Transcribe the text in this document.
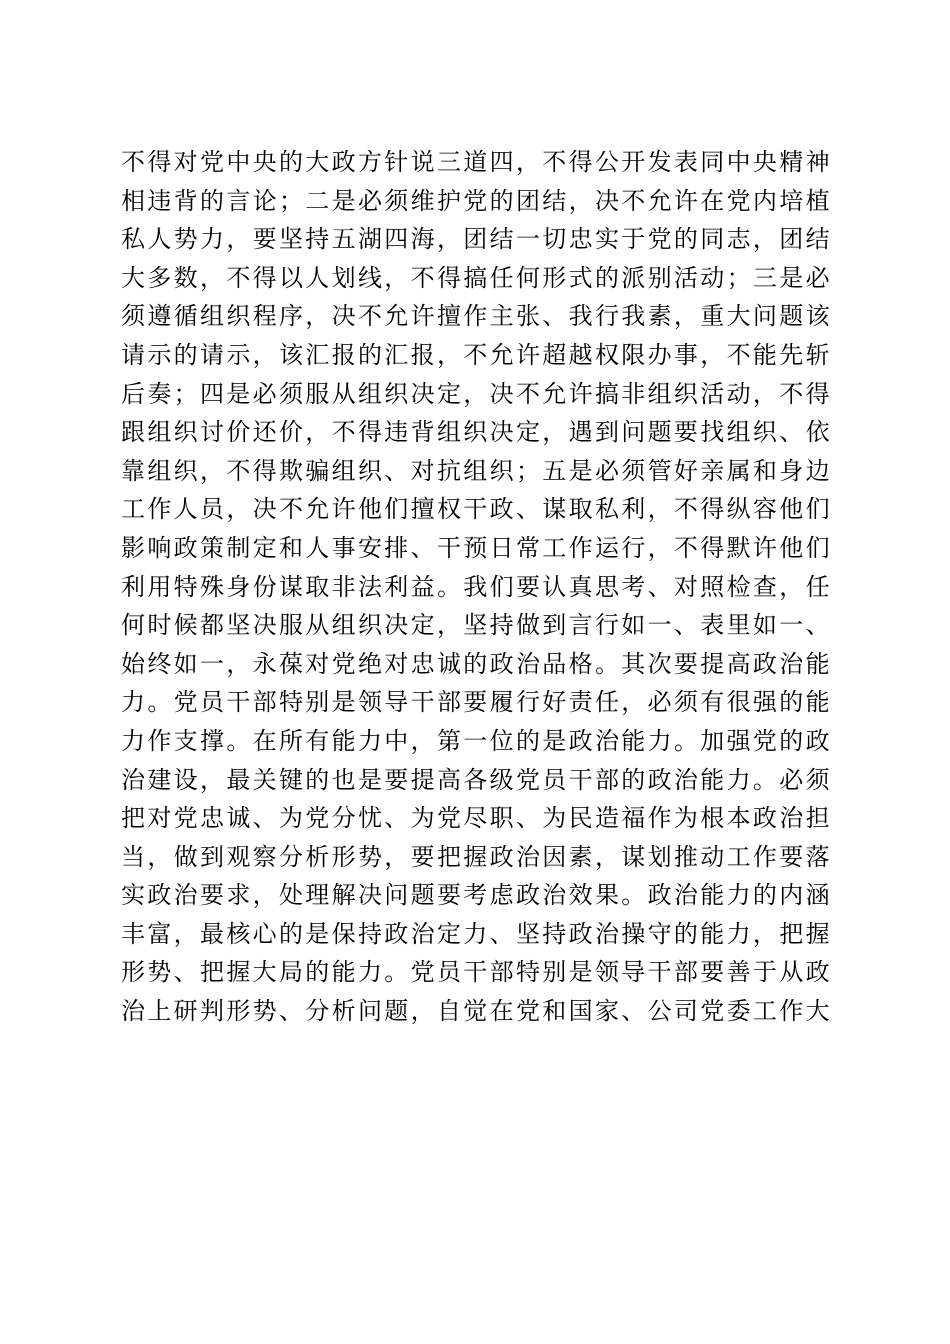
不得对党中央的大政方针说三道四，不得公开发表同中央精神
相违背的言论；二是必须维护党的团结，决不允许在党内培植
私人势力，要坚持五湖四海，团结一切忠实于党的同志，团结
大多数，不得以人划线，不得搞任何形式的派别活动；三是必
须遵循组织程序，决不允许擅作主张、我行我素，重大问题该
请示的请示，该汇报的汇报，不允许超越权限办事，不能先斩
后奏；四是必须服从组织决定，决不允许搞非组织活动，不得
跟组织讨价还价，不得违背组织决定，遇到问题要找组织、依
靠组织，不得欺骗组织、对抗组织；五是必须管好亲属和身边
工作人员，决不允许他们擅权干政、谋取私利，不得纵容他们
影响政策制定和人事安排、干预日常工作运行，不得默许他们
利用特殊身份谋取非法利益。我们要认真思考、对照检查，任
何时候都坚决服从组织决定，坚持做到言行如一、表里如一、
始终如一，永葆对党绝对忠诚的政治品格。其次要提高政治能
力。党员干部特别是领导干部要履行好责任，必须有很强的能
力作支撑。在所有能力中，第一位的是政治能力。加强党的政
治建设，最关键的也是要提高各级党员干部的政治能力。必须
把对党忠诚、为党分忧、为党尽职、为民造福作为根本政治担
当，做到观察分析形势，要把握政治因素，谋划推动工作要落
实政治要求，处理解决问题要考虑政治效果。政治能力的内涵
丰富，最核心的是保持政治定力、坚持政治操守的能力，把握
形势、把握大局的能力。党员干部特别是领导干部要善于从政
治上研判形势、分析问题，自觉在党和国家、公司党委工作大
